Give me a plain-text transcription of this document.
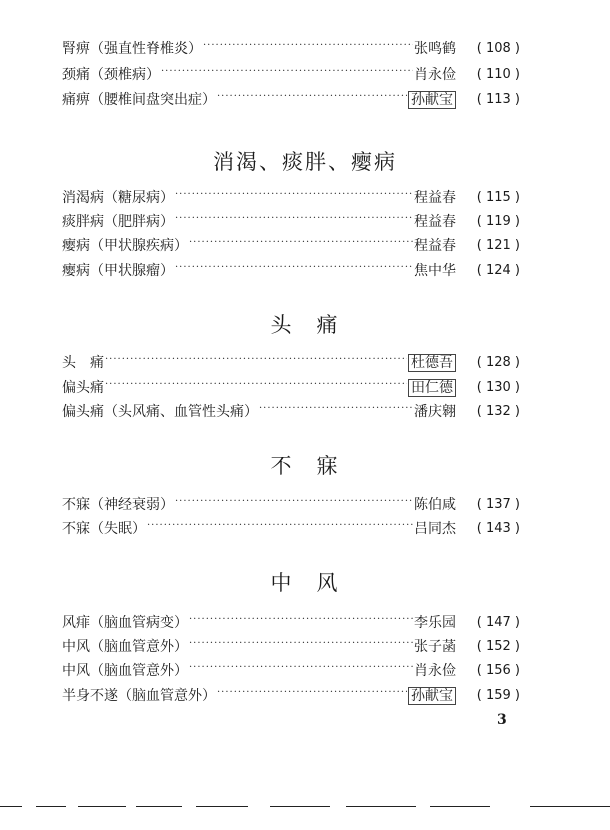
腎痹（强直性脊椎炎） ·····	张鸣鹤	( 108 )
颈痛（颈椎病） ·····	肖永俭	( 110 )
痛痹（腰椎间盘突出症） ·····	孙献宝	( 113 )
消渴、痰胖、瘿病
消渴病（糖尿病） ·····	程益春	( 115 )
痰胖病（肥胖病） ·····	程益春	( 119 )
瘿病（甲状腺疾病） ·····	程益春	( 121 )
瘿病（甲状腺瘤） ·····	焦中华	( 124 )
头　痛
头　痛 ·····	杜德吾	( 128 )
偏头痛 ·····	田仁德	( 130 )
偏头痛（头风痛、血管性头痛） ·····	潘庆翱	( 132 )
不　寐
不寐（神经衰弱） ·····	陈伯咸	( 137 )
不寐（失眠） ·····	吕同杰	( 143 )
中　风
风痱（脑血管病变） ·····	李乐园	( 147 )
中风（脑血管意外） ·····	张子菡	( 152 )
中风（脑血管意外） ·····	肖永俭	( 156 )
半身不遂（脑血管意外） ·····	孙献宝	( 159 )
3
